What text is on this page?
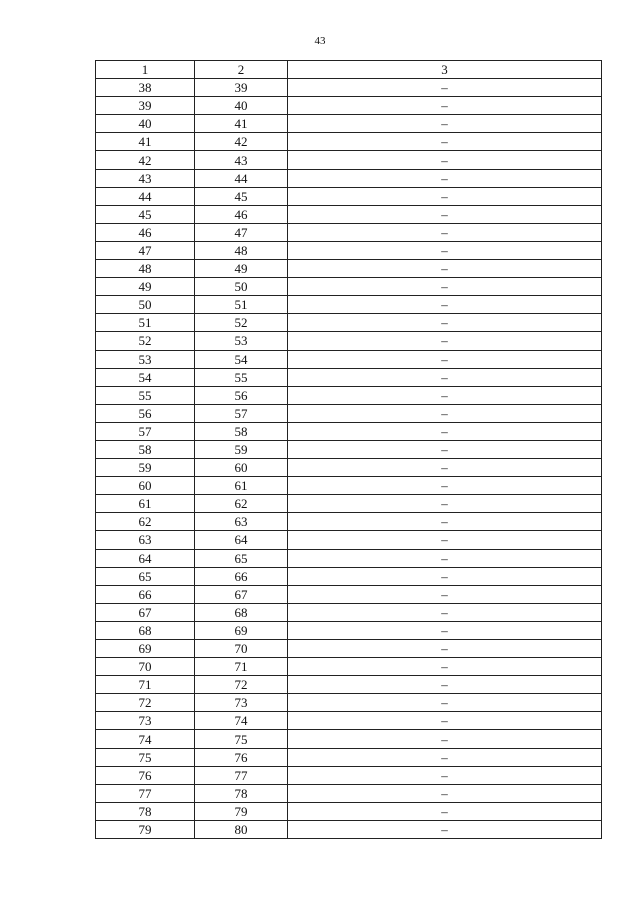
43
1	2	3
38	39	–
39	40	–
40	41	–
41	42	–
42	43	–
43	44	–
44	45	–
45	46	–
46	47	–
47	48	–
48	49	–
49	50	–
50	51	–
51	52	–
52	53	–
53	54	–
54	55	–
55	56	–
56	57	–
57	58	–
58	59	–
59	60	–
60	61	–
61	62	–
62	63	–
63	64	–
64	65	–
65	66	–
66	67	–
67	68	–
68	69	–
69	70	–
70	71	–
71	72	–
72	73	–
73	74	–
74	75	–
75	76	–
76	77	–
77	78	–
78	79	–
79	80	–
